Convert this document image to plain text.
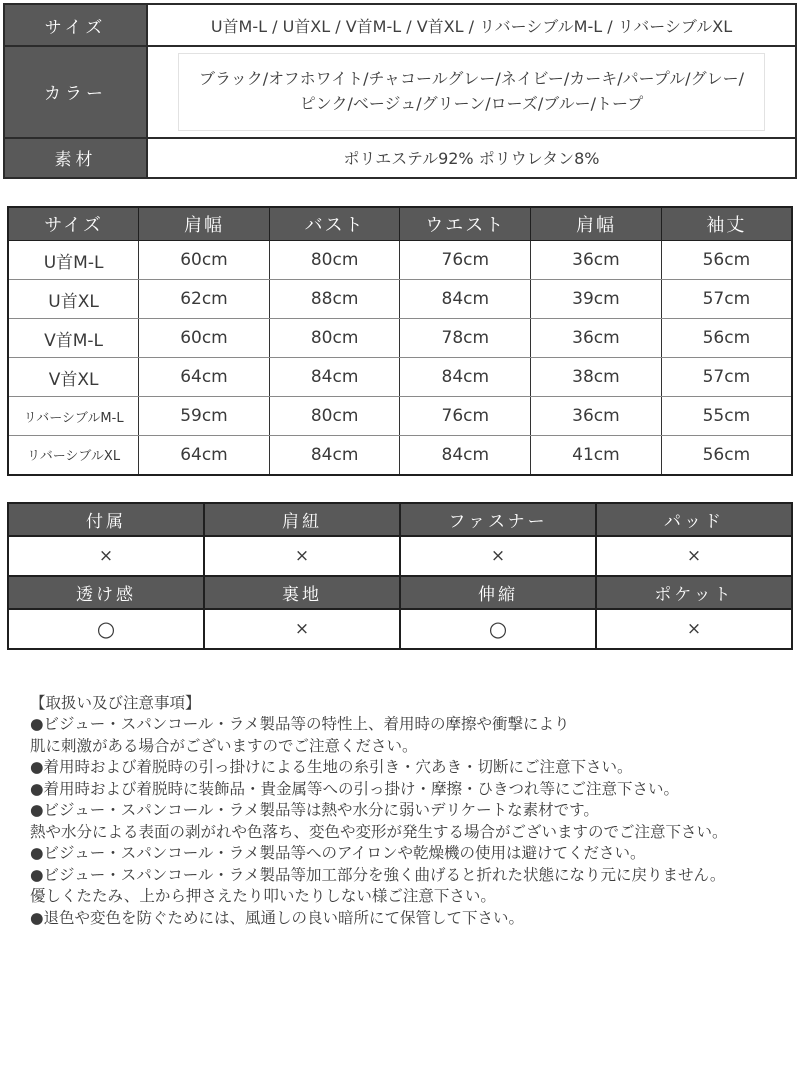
サイズ	U首M-L / U首XL / V首M-L / V首XL / リバーシブルM-L / リバーシブルXL
カラー	ブラック/オフホワイト/チャコールグレー/ネイビー/カーキ/パープル/グレー/ピンク/ベージュ/グリーン/ローズ/ブルー/トープ

素材	ポリエステル92% ポリウレタン8%
サイズ	肩幅	バスト	ウエスト	肩幅	袖丈
U首M-L	60cm	80cm	76cm	36cm	56cm
U首XL	62cm	88cm	84cm	39cm	57cm
V首M-L	60cm	80cm	78cm	36cm	56cm
V首XL	64cm	84cm	84cm	38cm	57cm
リバーシブルM-L	59cm	80cm	76cm	36cm	55cm
リバーシブルXL	64cm	84cm	84cm	41cm	56cm
付属	肩紐	ファスナー	パッド
×	×	×	×
透け感	裏地	伸縮	ポケット
○	×	○	×
【取扱い及び注意事項】
●ビジュー・スパンコール・ラメ製品等の特性上、着用時の摩擦や衝撃により
肌に刺激がある場合がございますのでご注意ください。
●着用時および着脱時の引っ掛けによる生地の糸引き・穴あき・切断にご注意下さい。
●着用時および着脱時に装飾品・貴金属等への引っ掛け・摩擦・ひきつれ等にご注意下さい。
●ビジュー・スパンコール・ラメ製品等は熱や水分に弱いデリケートな素材です。
熱や水分による表面の剥がれや色落ち、変色や変形が発生する場合がございますのでご注意下さい。
●ビジュー・スパンコール・ラメ製品等へのアイロンや乾燥機の使用は避けてください。
●ビジュー・スパンコール・ラメ製品等加工部分を強く曲げると折れた状態になり元に戻りません。
優しくたたみ、上から押さえたり叩いたりしない様ご注意下さい。
●退色や変色を防ぐためには、風通しの良い暗所にて保管して下さい。
